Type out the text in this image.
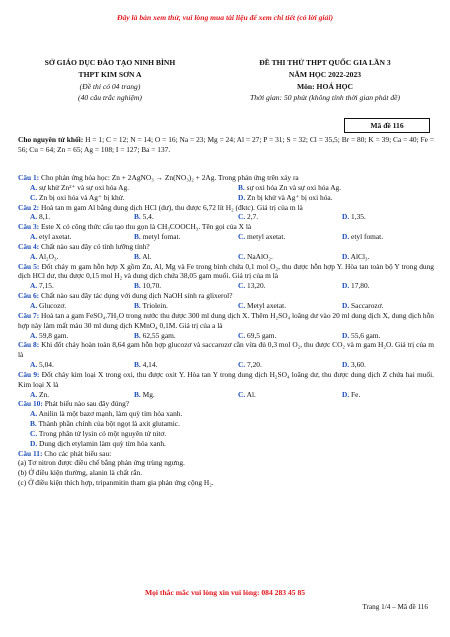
Đây là bản xem thử, vui lòng mua tài liệu để xem chi tiết (có lời giải)
SỞ GIÁO DỤC ĐÀO TẠO NINH BÌNH
THPT KIM SƠN A
(Đề thi có 04 trang)
(40 câu trắc nghiệm)
ĐỀ THI THỬ THPT QUỐC GIA LẦN 3
NĂM HỌC 2022-2023
Môn: HOÁ HỌC
Thời gian: 50 phút (không tính thời gian phát đề)
Mã đề 116
Cho nguyên tử khối: H = 1; C = 12; N = 14; O = 16; Na = 23; Mg = 24; Al = 27; P = 31; S = 32; Cl = 35,5; Br = 80; K = 39; Ca = 40; Fe = 56; Cu = 64; Zn = 65; Ag = 108; I = 127; Ba = 137.
Câu 1: Cho phản ứng hóa học: Zn + 2AgNO₃ → Zn(NO₃)₂ + 2Ag. Trong phản ứng trên xảy ra
A. sự khử Zn²⁺ và sự oxi hóa Ag.	B. sự oxi hóa Zn và sự oxi hóa Ag.
C. Zn bị oxi hóa và Ag⁺ bị khử.	D. Zn bị khử và Ag⁺ bị oxi hóa.
Câu 2: Hoà tan m gam Al bằng dung dịch HCl (dư), thu được 6,72 lít H₂ (đktc). Giá trị của m là
A. 8,1.	B. 5,4.	C. 2,7.	D. 1,35.
Câu 3: Este X có công thức cấu tạo thu gọn là CH₃COOCH₃. Tên gọi của X là
A. etyl axetat.	B. metyl fomat.	C. metyl axetat.	D. etyl fomat.
Câu 4: Chất nào sau đây có tính lưỡng tính?
A. Al₂O₃.	B. Al.	C. NaAlO₂.	D. AlCl₃.
Câu 5: Đốt cháy m gam hỗn hợp X gồm Zn, Al, Mg và Fe trong bình chứa 0,1 mol O₂, thu được hỗn hợp Y. Hòa tan toàn bộ Y trong dung dịch HCl dư, thu được 0,15 mol H₂ và dung dịch chứa 38,05 gam muối. Giá trị của m là
A. 7,15.	B. 10,70.	C. 13,20.	D. 17,80.
Câu 6: Chất nào sau đây tác dụng với dung dịch NaOH sinh ra glixerol?
A. Glucozơ.	B. Triolein.	C. Metyl axetat.	D. Saccarozơ.
Câu 7: Hoà tan a gam FeSO₄.7H₂O trong nước thu được 300 ml dung dịch X. Thêm H₂SO₄ loãng dư vào 20 ml dung dịch X, dung dịch hỗn hợp này làm mất màu 30 ml dung dịch KMnO₄ 0,1M. Giá trị của a là
A. 59,8 gam.	B. 62,55 gam.	C. 69,5 gam.	D. 55,6 gam.
Câu 8: Khi đốt cháy hoàn toàn 8,64 gam hỗn hợp glucozơ và saccarozơ cần vừa đủ 0,3 mol O₂, thu được CO₂ và m gam H₂O. Giá trị của m là
A. 5,04.	B. 4,14.	C. 7,20.	D. 3,60.
Câu 9: Đốt cháy kim loại X trong oxi, thu được oxit Y. Hòa tan Y trong dung dịch H₂SO₄ loãng dư, thu được dung dịch Z chứa hai muối. Kim loại X là
A. Zn.	B. Mg.	C. Al.	D. Fe.
Câu 10: Phát biểu nào sau đây đúng?
A. Anilin là một bazơ mạnh, làm quỳ tím hóa xanh.
B. Thành phần chính của bột ngọt là axit glutamic.
C. Trong phân tử lysin có một nguyên tử nitơ.
D. Dung dịch etylamin làm quỳ tím hóa xanh.
Câu 11: Cho các phát biểu sau:
(a) Tơ nitron được điều chế bằng phản ứng trùng ngưng.
(b) Ở điều kiện thường, alanin là chất rắn.
(c) Ở điều kiện thích hợp, tripanmitin tham gia phản ứng cộng H₂.
Mọi thắc mắc vui lòng xin vui lòng: 084 283 45 85
Trang 1/4 – Mã đề 116
